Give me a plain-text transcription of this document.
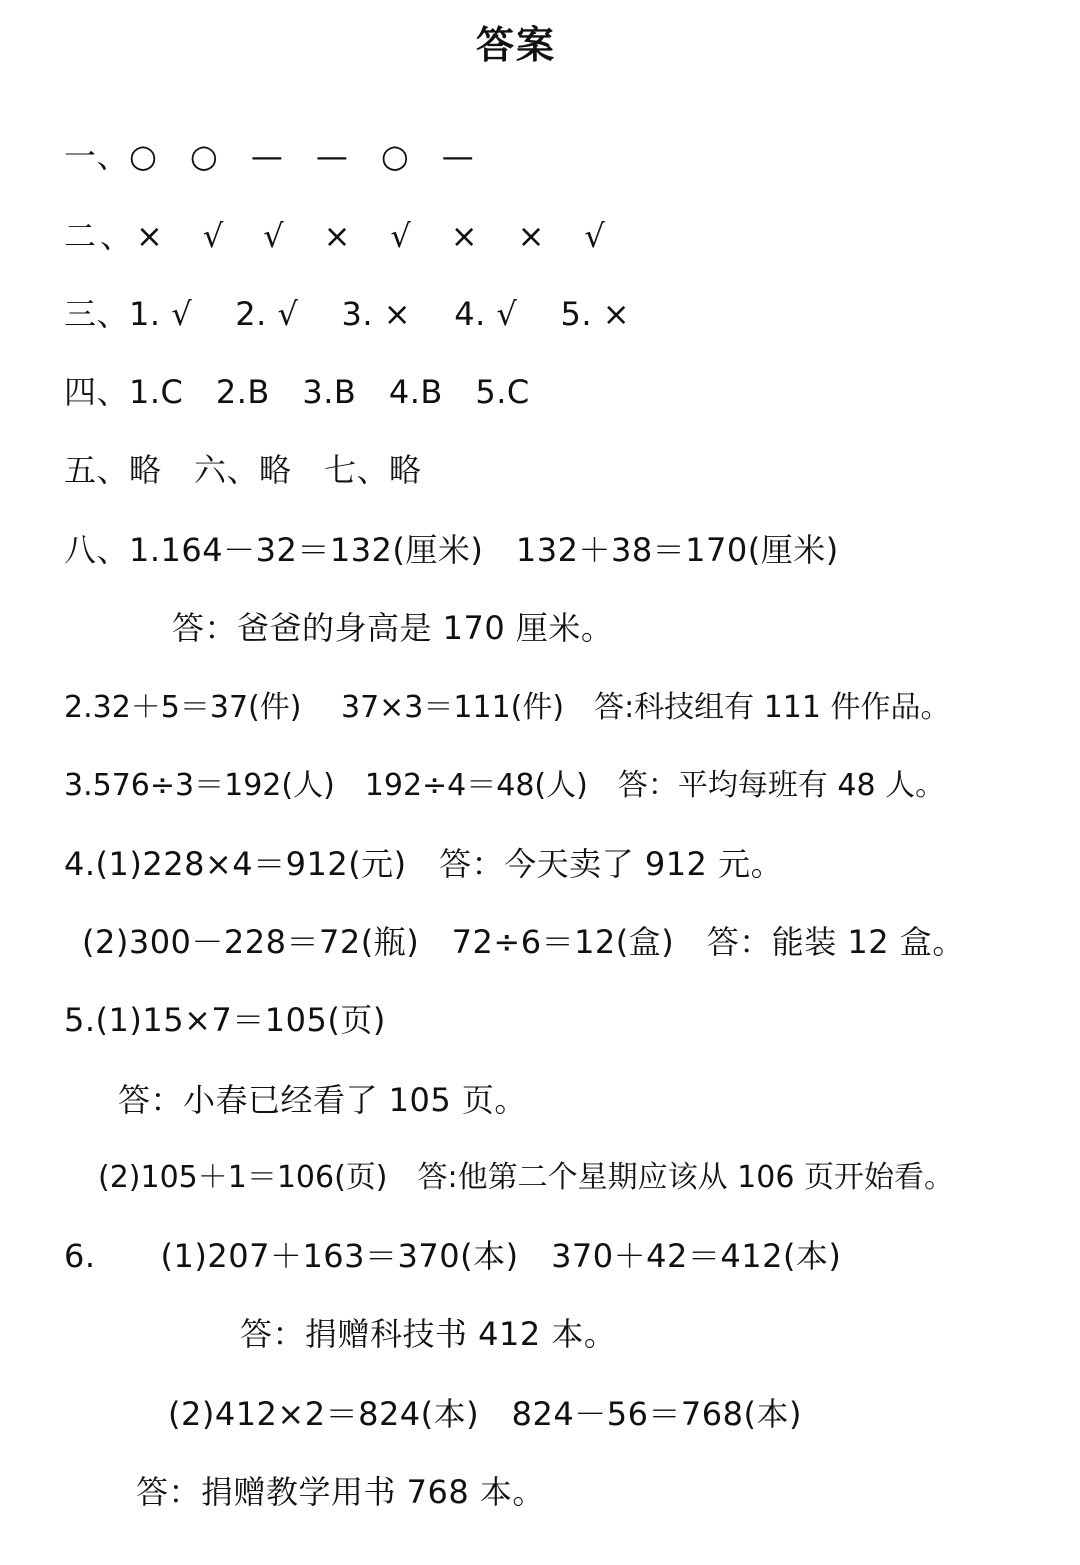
答案
一、○　○　—　—　○　—
二、×　√　√　×　√　×　×　√
三、1. √　 2. √　 3. ×　 4. √　 5. ×
四、1.C　2.B　3.B　4.B　5.C
五、略　六、略　七、略
八、1.164－32＝132(厘米)　132＋38＝170(厘米)
答：爸爸的身高是 170 厘米。
2.32＋5＝37(件)　 37×3＝111(件)　答:科技组有 111 件作品。
3.576÷3＝192(人)　192÷4＝48(人)　答：平均每班有 48 人。
4.(1)228×4＝912(元)　答：今天卖了 912 元。
(2)300－228＝72(瓶)　72÷6＝12(盒)　答：能装 12 盒。
5.(1)15×7＝105(页)
答：小春已经看了 105 页。
(2)105＋1＝106(页)　答:他第二个星期应该从 106 页开始看。
6.　　(1)207＋163＝370(本)　370＋42＝412(本)
答：捐赠科技书 412 本。
(2)412×2＝824(本)　824－56＝768(本)
答：捐赠教学用书 768 本。
